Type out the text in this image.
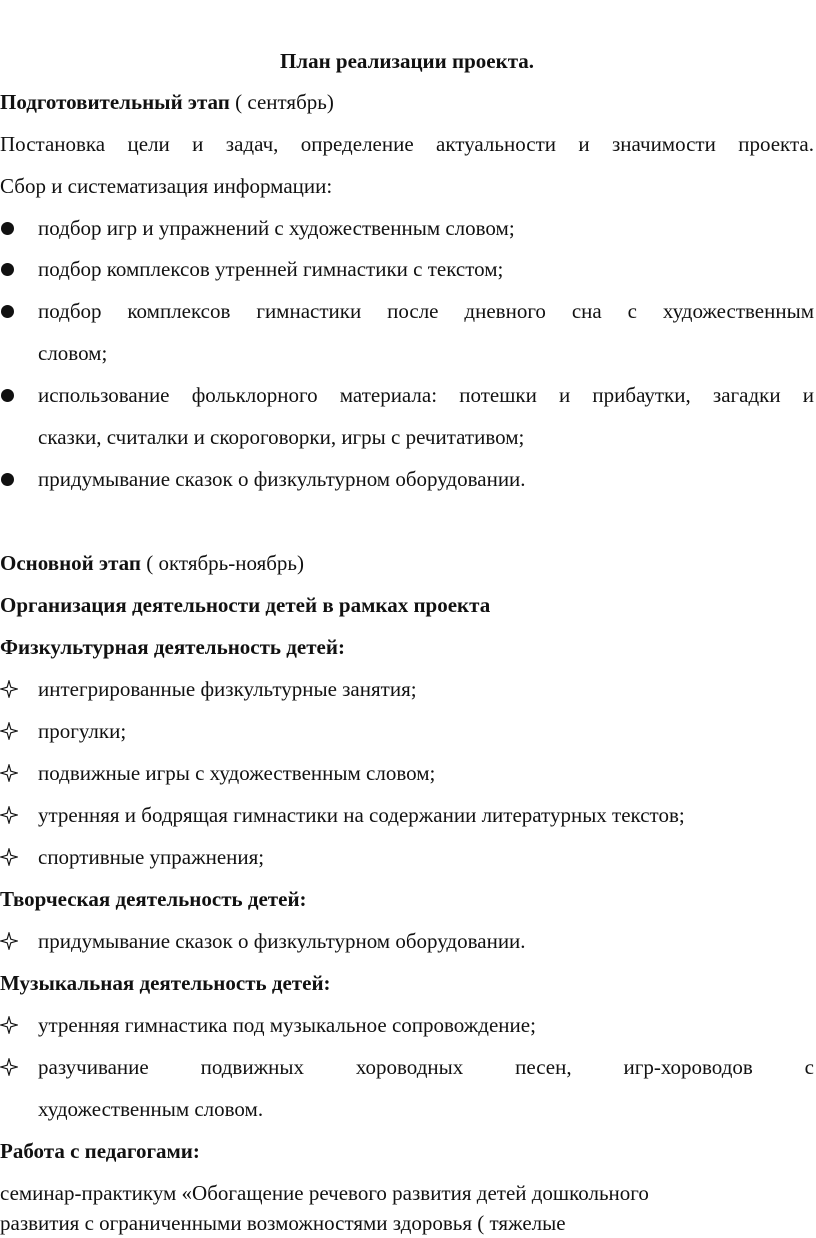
План реализации проекта.
Подготовительный этап ( сентябрь)
Постановка цели и задач, определение актуальности и значимости проекта.
Сбор и систематизация информации:
подбор игр и упражнений с художественным словом;
подбор комплексов утренней гимнастики с текстом;
подбор комплексов гимнастики после дневного сна с художественным
словом;
использование фольклорного материала: потешки и прибаутки, загадки и
сказки, считалки и скороговорки, игры с речитативом;
придумывание сказок о физкультурном оборудовании.
Основной этап ( октябрь-ноябрь)
Организация деятельности детей в рамках проекта
Физкультурная деятельность детей:
интегрированные физкультурные занятия;
прогулки;
подвижные игры с художественным словом;
утренняя и бодрящая гимнастики на содержании литературных текстов;
спортивные упражнения;
Творческая деятельность детей:
придумывание сказок о физкультурном оборудовании.
Музыкальная деятельность детей:
утренняя гимнастика под музыкальное сопровождение;
разучивание подвижных хороводных песен, игр-хороводов с
художественным словом.
Работа с педагогами:
семинар-практикум «Обогащение речевого развития детей дошкольного
развития с ограниченными возможностями здоровья ( тяжелые
